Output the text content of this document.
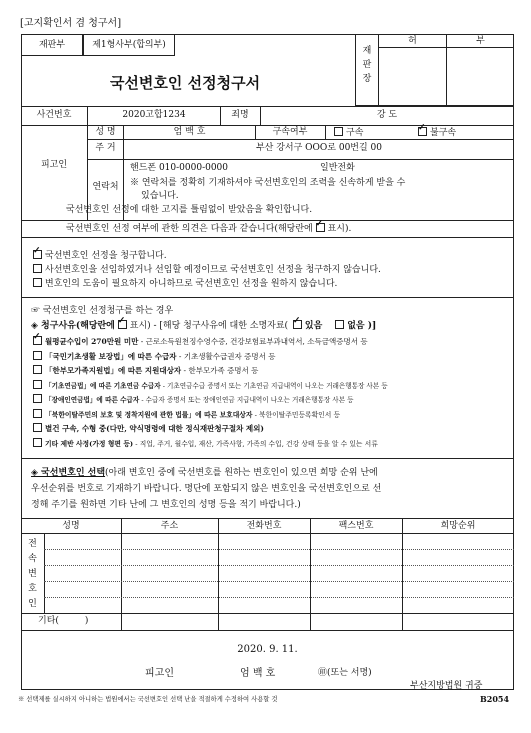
[고지확인서 겸 청구서]
재판부	제1형사부(합의부)
국선변호인 선정청구서
재판장
허	부
사건번호	2020고합1234	죄명	강 도
피고인
성 명	엄 백 호	구속여부	구속 ✓	불구속
주 거	부산 강서구 OOO로 00번길 00
연락처
핸드폰 010-0000-0000	일반전화
※ 연락처를 정확히 기재하셔야 국선변호인의 조력을 신속하게 받을 수
있습니다.
국선변호인 선정에 대한 고지를 틀림없이 받았음을 확인합니다.
국선변호인 선정 여부에 관한 의견은 다음과 같습니다(해당란에 ✓ 표시).
✓국선변호인 선정을 청구합니다.
사선변호인을 선임하였거나 선임할 예정이므로 국선변호인 선정을 청구하지 않습니다.
변호인의 도움이 필요하지 아니하므로 국선변호인 선정을 원하지 않습니다.
☞ 국선변호인 선정청구를 하는 경우
◈ 청구사유(해당란에 ✓ 표시) - [해당 청구사유에 대한 소명자료( ✓ 있음	없음 )]
✓월평균수입이 270만원 미만 - 근로소득원천징수영수증, 건강보험료부과내역서, 소득금액증명서 등
「국민기초생활 보장법」에 따른 수급자 - 기초생활수급권자 증명서 등
「한부모가족지원법」에 따른 지원대상자 - 한부모가족 증명서 등
「기초연금법」에 따른 기초연금 수급자 - 기초연금수급 증명서 또는 기초연금 지급내역이 나오는 거래은행통장 사본 등
「장애인연금법」에 따른 수급자 - 수급자 증명서 또는 장애인연금 지급내역이 나오는 거래은행통장 사본 등
「북한이탈주민의 보호 및 정착지원에 관한 법률」에 따른 보호대상자 - 북한이탈주민등록확인서 등
별건 구속, 수형 중(다만, 약식명령에 대한 정식재판청구절차 제외)
기타 제반 사정(가정 형편 등) - 직업, 주거, 월수입, 재산, 가족사항, 가족의 수입, 건강 상태 등을 알 수 있는 서류
◈ 국선변호인 선택(아래 변호인 중에 국선변호를 원하는 변호인이 있으면 희망 순위 난에
우선순위를 번호로 기재하기 바랍니다. 명단에 포함되지 않은 변호인을 국선변호인으로 선
정해 주기를 원하면 기타 난에 그 변호인의 성명 등을 적기 바랍니다.)
성명	주소	전화번호	팩스번호	희망순위
전
속
변
호
인
기타(	)
2020. 9. 11.
피고인	엄 백 호	㊞(또는 서명)
부산지방법원 귀중
※ 선택제를 실시하지 아니하는 법원에서는 국선변호인 선택 난을 적절하게 수정하여 사용할 것	B2054
